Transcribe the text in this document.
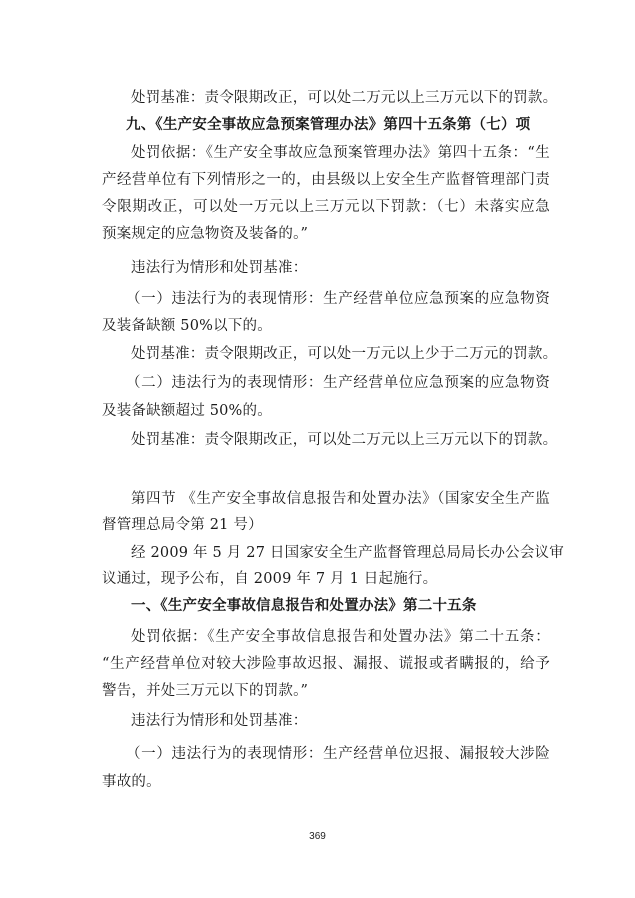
处罚基准：责令限期改正，可以处二万元以上三万元以下的罚款。
九、《生产安全事故应急预案管理办法》第四十五条第（七）项
处罚依据：《生产安全事故应急预案管理办法》第四十五条：“生
产经营单位有下列情形之一的，由县级以上安全生产监督管理部门责
令限期改正，可以处一万元以上三万元以下罚款：（七）未落实应急
预案规定的应急物资及装备的。”
违法行为情形和处罚基准：
（一）违法行为的表现情形：生产经营单位应急预案的应急物资
及装备缺额 50%以下的。
处罚基准：责令限期改正，可以处一万元以上少于二万元的罚款。
（二）违法行为的表现情形：生产经营单位应急预案的应急物资
及装备缺额超过 50%的。
处罚基准：责令限期改正，可以处二万元以上三万元以下的罚款。
第四节 《生产安全事故信息报告和处置办法》（国家安全生产监
督管理总局令第 21 号）
经 2009 年 5 月 27 日国家安全生产监督管理总局局长办公会议审
议通过，现予公布，自 2009 年 7 月 1 日起施行。
一、《生产安全事故信息报告和处置办法》第二十五条
处罚依据：《生产安全事故信息报告和处置办法》第二十五条：
“生产经营单位对较大涉险事故迟报、漏报、谎报或者瞒报的，给予
警告，并处三万元以下的罚款。”
违法行为情形和处罚基准：
（一）违法行为的表现情形：生产经营单位迟报、漏报较大涉险
事故的。
369
